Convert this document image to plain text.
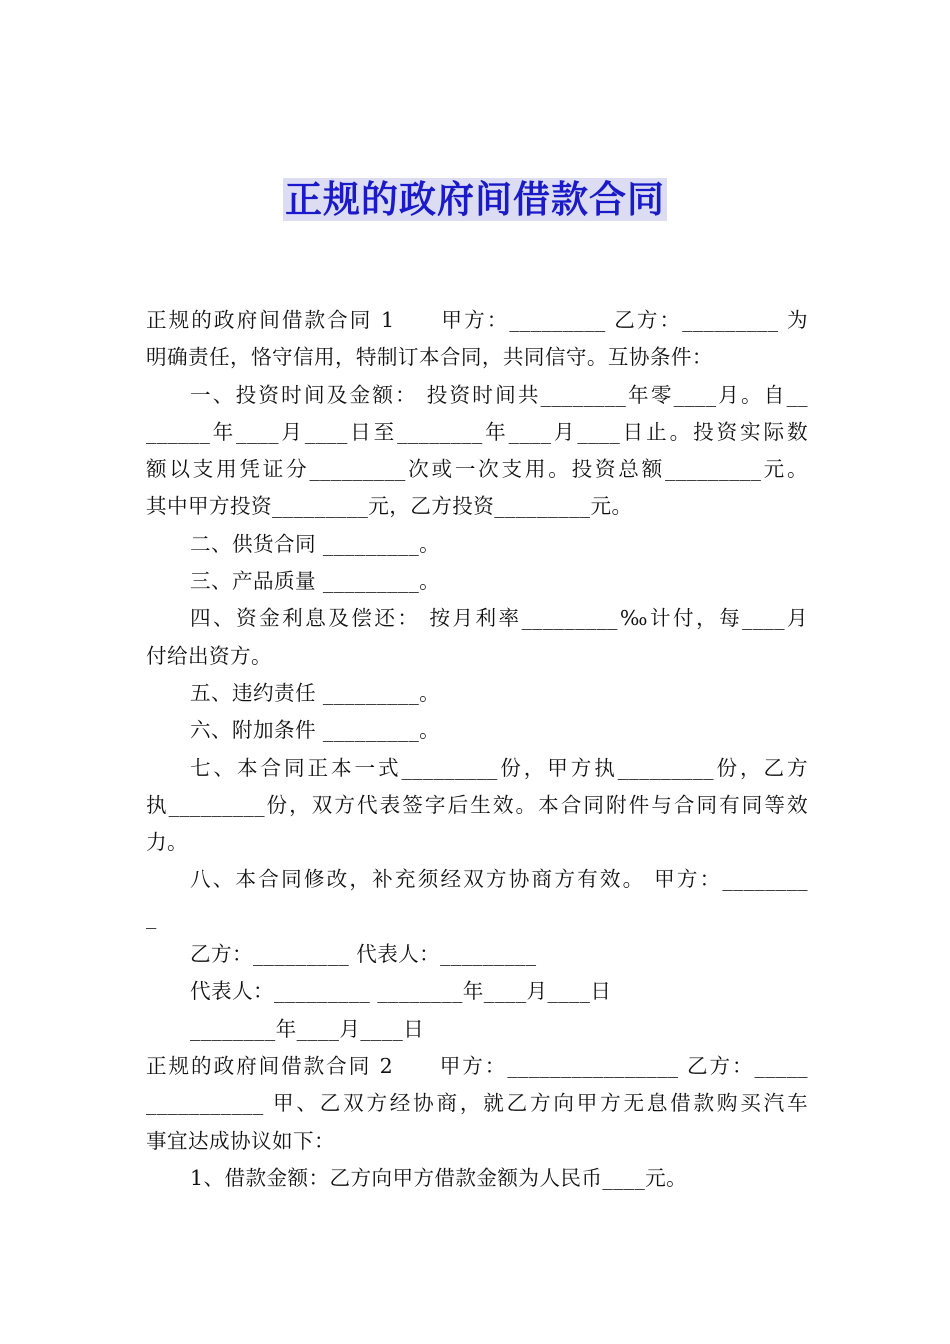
正规的政府间借款合同
正规的政府间借款合同 1　　甲方：_________ 乙方：_________ 为
明确责任，恪守信用，特制订本合同，共同信守。互协条件：
一、投资时间及金额： 投资时间共________年零____月。自__
______年____月____日至________年____月____日止。投资实际数
额以支用凭证分_________次或一次支用。投资总额_________元。
其中甲方投资_________元，乙方投资_________元。
二、供货合同 _________。
三、产品质量 _________。
四、资金利息及偿还： 按月利率_________‰计付，每____月
付给出资方。
五、违约责任 _________。
六、附加条件 _________。
七、本合同正本一式_________份，甲方执_________份，乙方
执_________份，双方代表签字后生效。本合同附件与合同有同等效
力。
八、本合同修改，补充须经双方协商方有效。 甲方：________
_
乙方：_________ 代表人：_________
代表人：_________ ________年____月____日
________年____月____日
正规的政府间借款合同 2　　甲方：________________ 乙方：_____
___________ 甲、乙双方经协商，就乙方向甲方无息借款购买汽车
事宜达成协议如下：
1、借款金额：乙方向甲方借款金额为人民币____元。
